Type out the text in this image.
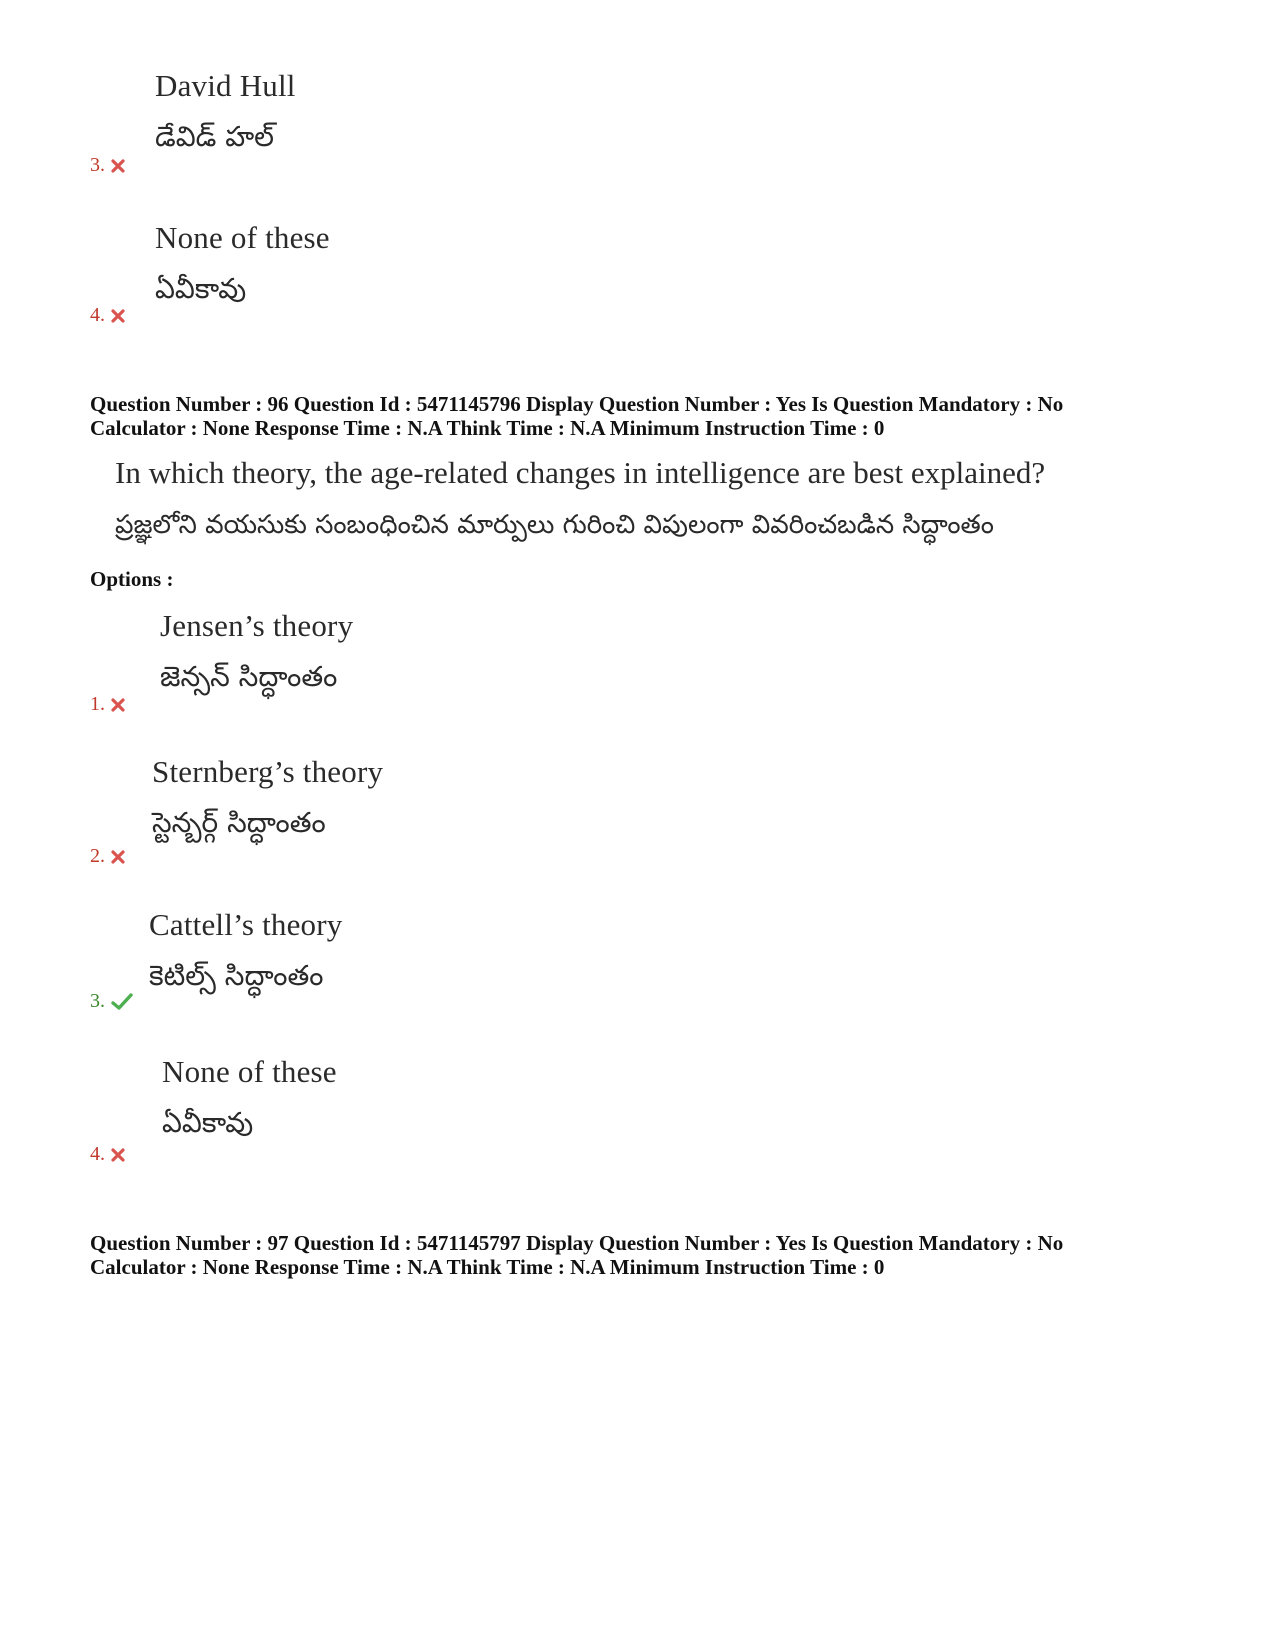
David Hull
డేవిడ్ హల్
3.
None of these
ఏవీకావు
4.
Question Number : 96 Question Id : 5471145796 Display Question Number : Yes Is Question Mandatory : No
Calculator : None Response Time : N.A Think Time : N.A Minimum Instruction Time : 0
In which theory, the age-related changes in intelligence are best explained?
ప్రజ్ఞలోని వయసుకు సంబంధించిన మార్పులు గురించి విపులంగా వివరించబడిన సిద్ధాంతం
Options :
Jensen’s theory
జెన్సన్ సిద్ధాంతం
1.
Sternberg’s theory
స్టెన్బర్గ్ సిద్ధాంతం
2.
Cattell’s theory
కెటిల్స్ సిద్ధాంతం
3.
None of these
ఏవీకావు
4.
Question Number : 97 Question Id : 5471145797 Display Question Number : Yes Is Question Mandatory : No
Calculator : None Response Time : N.A Think Time : N.A Minimum Instruction Time : 0
